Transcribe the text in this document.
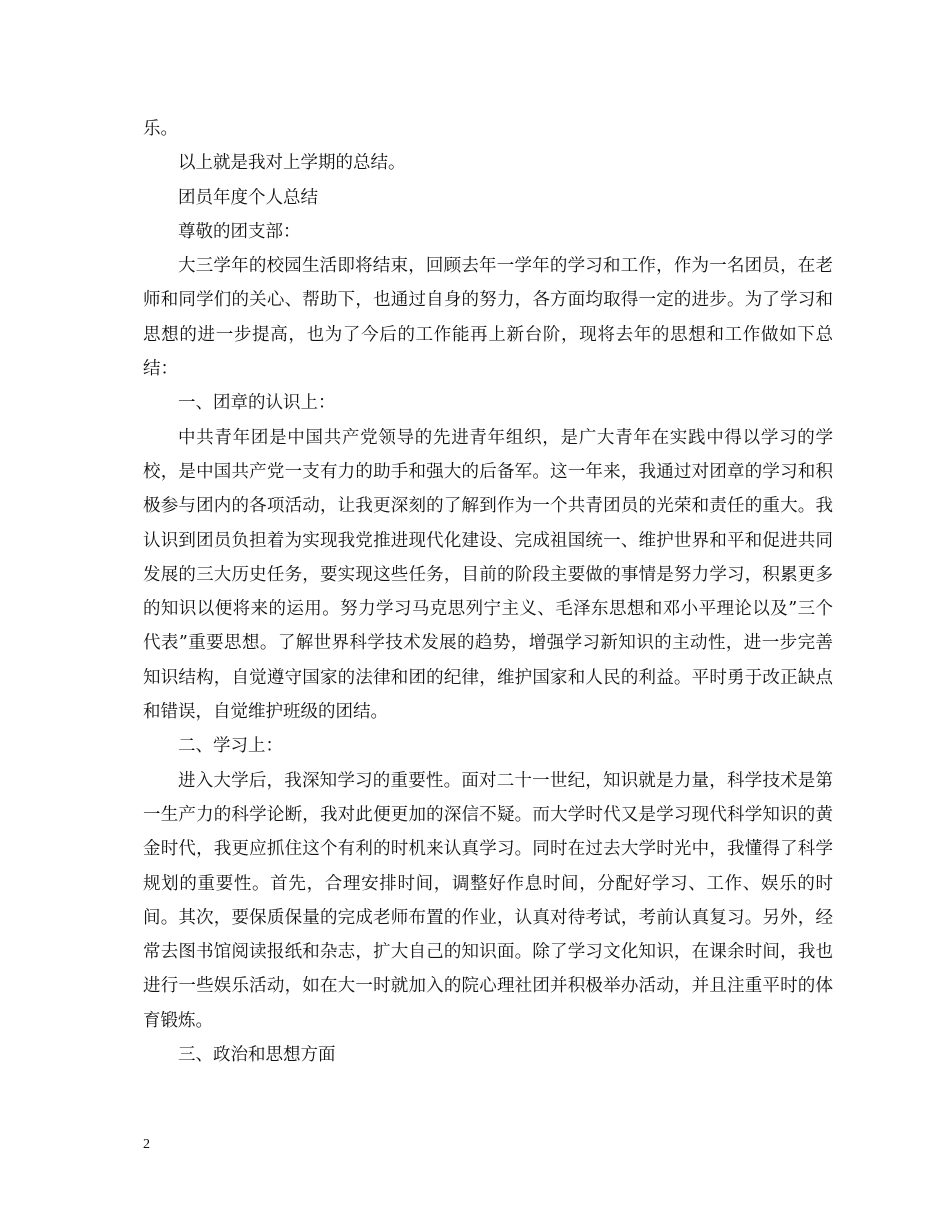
乐。

以上就是我对上学期的总结。

团员年度个人总结

尊敬的团支部：

大三学年的校园生活即将结束，回顾去年一学年的学习和工作，作为一名团员，在老师和同学们的关心、帮助下，也通过自身的努力，各方面均取得一定的进步。为了学习和思想的进一步提高，也为了今后的工作能再上新台阶，现将去年的思想和工作做如下总结：

一、团章的认识上：

中共青年团是中国共产党领导的先进青年组织，是广大青年在实践中得以学习的学校，是中国共产党一支有力的助手和强大的后备军。这一年来，我通过对团章的学习和积极参与团内的各项活动，让我更深刻的了解到作为一个共青团员的光荣和责任的重大。我认识到团员负担着为实现我党推进现代化建设、完成祖国统一、维护世界和平和促进共同发展的三大历史任务，要实现这些任务，目前的阶段主要做的事情是努力学习，积累更多的知识以便将来的运用。努力学习马克思列宁主义、毛泽东思想和邓小平理论以及”三个代表”重要思想。了解世界科学技术发展的趋势，增强学习新知识的主动性，进一步完善知识结构，自觉遵守国家的法律和团的纪律，维护国家和人民的利益。平时勇于改正缺点和错误，自觉维护班级的团结。

二、学习上：

进入大学后，我深知学习的重要性。面对二十一世纪，知识就是力量，科学技术是第一生产力的科学论断，我对此便更加的深信不疑。而大学时代又是学习现代科学知识的黄金时代，我更应抓住这个有利的时机来认真学习。同时在过去大学时光中，我懂得了科学规划的重要性。首先，合理安排时间，调整好作息时间，分配好学习、工作、娱乐的时间。其次，要保质保量的完成老师布置的作业，认真对待考试，考前认真复习。另外，经常去图书馆阅读报纸和杂志，扩大自己的知识面。除了学习文化知识，在课余时间，我也进行一些娱乐活动，如在大一时就加入的院心理社团并积极举办活动，并且注重平时的体育锻炼。

三、政治和思想方面

2
